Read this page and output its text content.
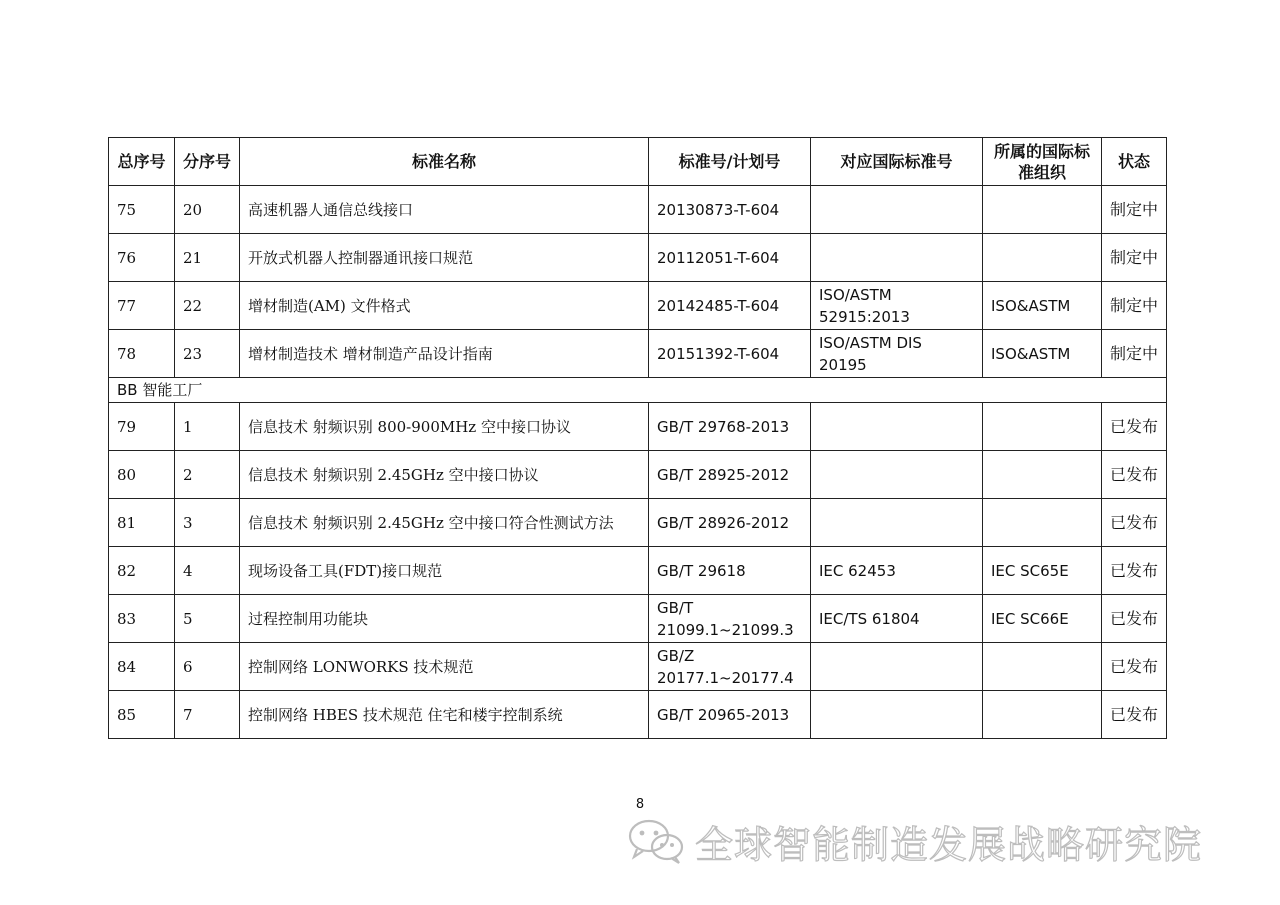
总序号	分序号	标准名称	标准号/计划号	对应国际标准号	所属的国际标准组织	状态
75	20	高速机器人通信总线接口	20130873-T-604			制定中
76	21	开放式机器人控制器通讯接口规范	20112051-T-604			制定中
77	22	增材制造(AM) 文件格式	20142485-T-604	ISO/ASTM 52915:2013	ISO&ASTM	制定中
78	23	增材制造技术 增材制造产品设计指南	20151392-T-604	ISO/ASTM DIS 20195	ISO&ASTM	制定中
BB 智能工厂						
79	1	信息技术 射频识别 800-900MHz 空中接口协议	GB/T 29768-2013			已发布
80	2	信息技术 射频识别 2.45GHz 空中接口协议	GB/T 28925-2012			已发布
81	3	信息技术 射频识别 2.45GHz 空中接口符合性测试方法	GB/T 28926-2012			已发布
82	4	现场设备工具(FDT)接口规范	GB/T 29618	IEC 62453	IEC SC65E	已发布
83	5	过程控制用功能块	GB/T 21099.1~21099.3	IEC/TS 61804	IEC SC66E	已发布
84	6	控制网络 LONWORKS 技术规范	GB/Z 20177.1~20177.4			已发布
85	7	控制网络 HBES 技术规范 住宅和楼宇控制系统	GB/T 20965-2013			已发布
8
全球智能制造发展战略研究院
